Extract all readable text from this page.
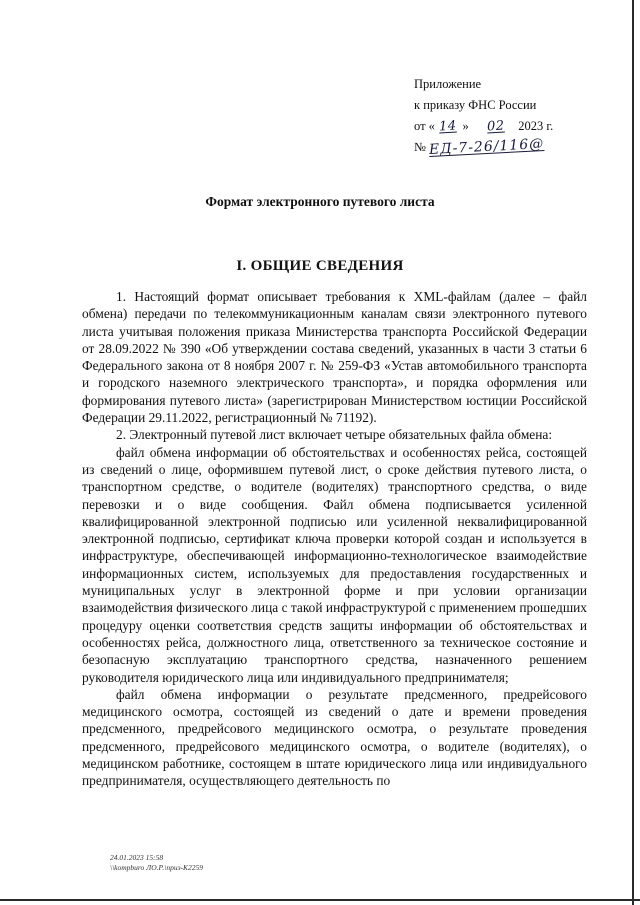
Приложение
к приказу ФНС России
от « 14 » 02 2023 г.
№ ЕД-7-26/116@
Формат электронного путевого листа
I. ОБЩИЕ СВЕДЕНИЯ

1. Настоящий формат описывает требования к XML-файлам (далее – файл обмена) передачи по телекоммуникационным каналам связи электронного путевого листа учитывая положения приказа Министерства транспорта Российской Федерации от 28.09.2022 № 390 «Об утверждении состава сведений, указанных в части 3 статьи 6 Федерального закона от 8 ноября 2007 г. № 259-ФЗ «Устав автомобильного транспорта и городского наземного электрического транспорта», и порядка оформления или формирования путевого листа» (зарегистрирован Министерством юстиции Российской Федерации 29.11.2022, регистрационный № 71192).

2. Электронный путевой лист включает четыре обязательных файла обмена:

файл обмена информации об обстоятельствах и особенностях рейса, состоящей из сведений о лице, оформившем путевой лист, о сроке действия путевого листа, о транспортном средстве, о водителе (водителях) транспортного средства, о виде перевозки и о виде сообщения. Файл обмена подписывается усиленной квалифицированной электронной подписью или усиленной неквалифицированной электронной подписью, сертификат ключа проверки которой создан и используется в инфраструктуре, обеспечивающей информационно-технологическое взаимодействие информационных систем, используемых для предоставления государственных и муниципальных услуг в электронной форме и при условии организации взаимодействия физического лица с такой инфраструктурой с применением прошедших процедуру оценки соответствия средств защиты информации об обстоятельствах и особенностях рейса, должностного лица, ответственного за техническое состояние и безопасную эксплуатацию транспортного средства, назначенного решением руководителя юридического лица или индивидуального предпринимателя;

файл обмена информации о результате предсменного, предрейсового медицинского осмотра, состоящей из сведений о дате и времени проведения предсменного, предрейсового медицинского осмотра, о результате проведения предсменного, предрейсового медицинского осмотра, о водителе (водителях), о медицинском работнике, состоящем в штате юридического лица или индивидуального предпринимателя, осуществляющего деятельность по

24.01.2023 15:58
\\kompburo ЛО.Р.\приз-К2259
